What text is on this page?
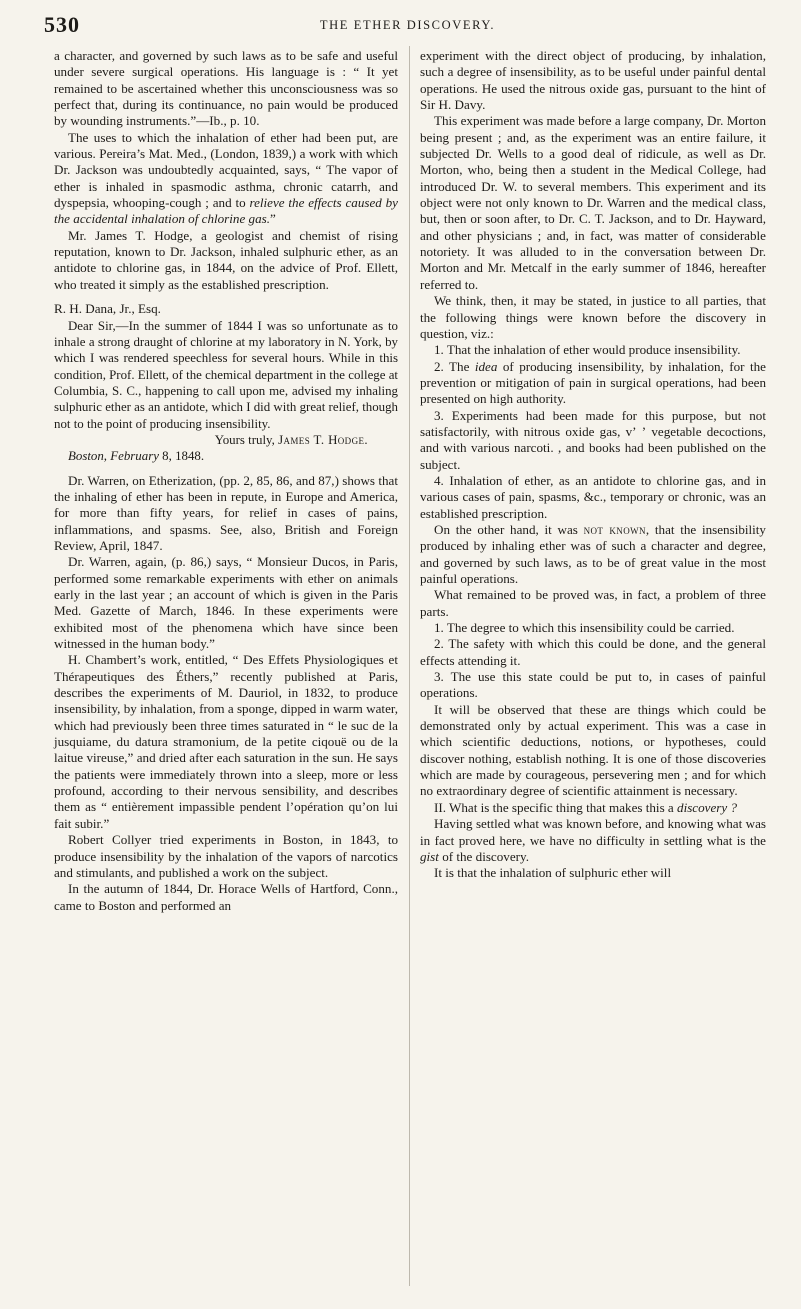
530	THE ETHER DISCOVERY.

a character, and governed by such laws as to be safe and useful under severe surgical operations. His language is : “ It yet remained to be ascertained whether this unconsciousness was so perfect that, during its continuance, no pain would be produced by wounding instruments.”—Ib., p. 10.

The uses to which the inhalation of ether had been put, are various. Pereira’s Mat. Med., (London, 1839,) a work with which Dr. Jackson was undoubtedly acquainted, says, “ The vapor of ether is inhaled in spasmodic asthma, chronic catarrh, and dyspepsia, whooping-cough ; and to relieve the effects caused by the accidental inhalation of chlorine gas.”

Mr. James T. Hodge, a geologist and chemist of rising reputation, known to Dr. Jackson, inhaled sulphuric ether, as an antidote to chlorine gas, in 1844, on the advice of Prof. Ellett, who treated it simply as the established prescription.

R. H. Dana, Jr., Esq.

Dear Sir,—In the summer of 1844 I was so unfortunate as to inhale a strong draught of chlorine at my laboratory in N. York, by which I was rendered speechless for several hours. While in this condition, Prof. Ellett, of the chemical department in the college at Columbia, S. C., happening to call upon me, advised my inhaling sulphuric ether as an antidote, which I did with great relief, though not to the point of producing insensibility.

Yours truly, James T. Hodge.

Boston, February 8, 1848.

Dr. Warren, on Etherization, (pp. 2, 85, 86, and 87,) shows that the inhaling of ether has been in repute, in Europe and America, for more than fifty years, for relief in cases of pains, inflammations, and spasms. See, also, British and Foreign Review, April, 1847.

Dr. Warren, again, (p. 86,) says, “ Monsieur Ducos, in Paris, performed some remarkable experiments with ether on animals early in the last year ; an account of which is given in the Paris Med. Gazette of March, 1846. In these experiments were exhibited most of the phenomena which have since been witnessed in the human body.”

H. Chambert’s work, entitled, “ Des Effets Physiologiques et Thérapeutiques des Éthers,” recently published at Paris, describes the experiments of M. Dauriol, in 1832, to produce insensibility, by inhalation, from a sponge, dipped in warm water, which had previously been three times saturated in “ le suc de la jusquiame, du datura stramonium, de la petite ciqouë ou de la laitue vireuse,” and dried after each saturation in the sun. He says the patients were immediately thrown into a sleep, more or less profound, according to their nervous sensibility, and describes them as “ entièrement impassible pendent l’opération qu’on lui fait subir.”

Robert Collyer tried experiments in Boston, in 1843, to produce insensibility by the inhalation of the vapors of narcotics and stimulants, and published a work on the subject.

In the autumn of 1844, Dr. Horace Wells of Hartford, Conn., came to Boston and performed an

experiment with the direct object of producing, by inhalation, such a degree of insensibility, as to be useful under painful dental operations. He used the nitrous oxide gas, pursuant to the hint of Sir H. Davy.

This experiment was made before a large company, Dr. Morton being present ; and, as the experiment was an entire failure, it subjected Dr. Wells to a good deal of ridicule, as well as Dr. Morton, who, being then a student in the Medical College, had introduced Dr. W. to several members. This experiment and its object were not only known to Dr. Warren and the medical class, but, then or soon after, to Dr. C. T. Jackson, and to Dr. Hayward, and other physicians ; and, in fact, was matter of considerable notoriety. It was alluded to in the conversation between Dr. Morton and Mr. Metcalf in the early summer of 1846, hereafter referred to.

We think, then, it may be stated, in justice to all parties, that the following things were known before the discovery in question, viz.:

1. That the inhalation of ether would produce insensibility.

2. The idea of producing insensibility, by inhalation, for the prevention or mitigation of pain in surgical operations, had been presented on high authority.

3. Experiments had been made for this purpose, but not satisfactorily, with nitrous oxide gas, vʼ ʼ vegetable decoctions, and with various narcoti. , and books had been published on the subject.

4. Inhalation of ether, as an antidote to chlorine gas, and in various cases of pain, spasms, &c., temporary or chronic, was an established prescription.

On the other hand, it was not known, that the insensibility produced by inhaling ether was of such a character and degree, and governed by such laws, as to be of great value in the most painful operations.

What remained to be proved was, in fact, a problem of three parts.

1. The degree to which this insensibility could be carried.

2. The safety with which this could be done, and the general effects attending it.

3. The use this state could be put to, in cases of painful operations.

It will be observed that these are things which could be demonstrated only by actual experiment. This was a case in which scientific deductions, notions, or hypotheses, could discover nothing, establish nothing. It is one of those discoveries which are made by courageous, persevering men ; and for which no extraordinary degree of scientific attainment is necessary.

II. What is the specific thing that makes this a discovery ?

Having settled what was known before, and knowing what was in fact proved here, we have no difficulty in settling what is the gist of the discovery.

It is that the inhalation of sulphuric ether will
